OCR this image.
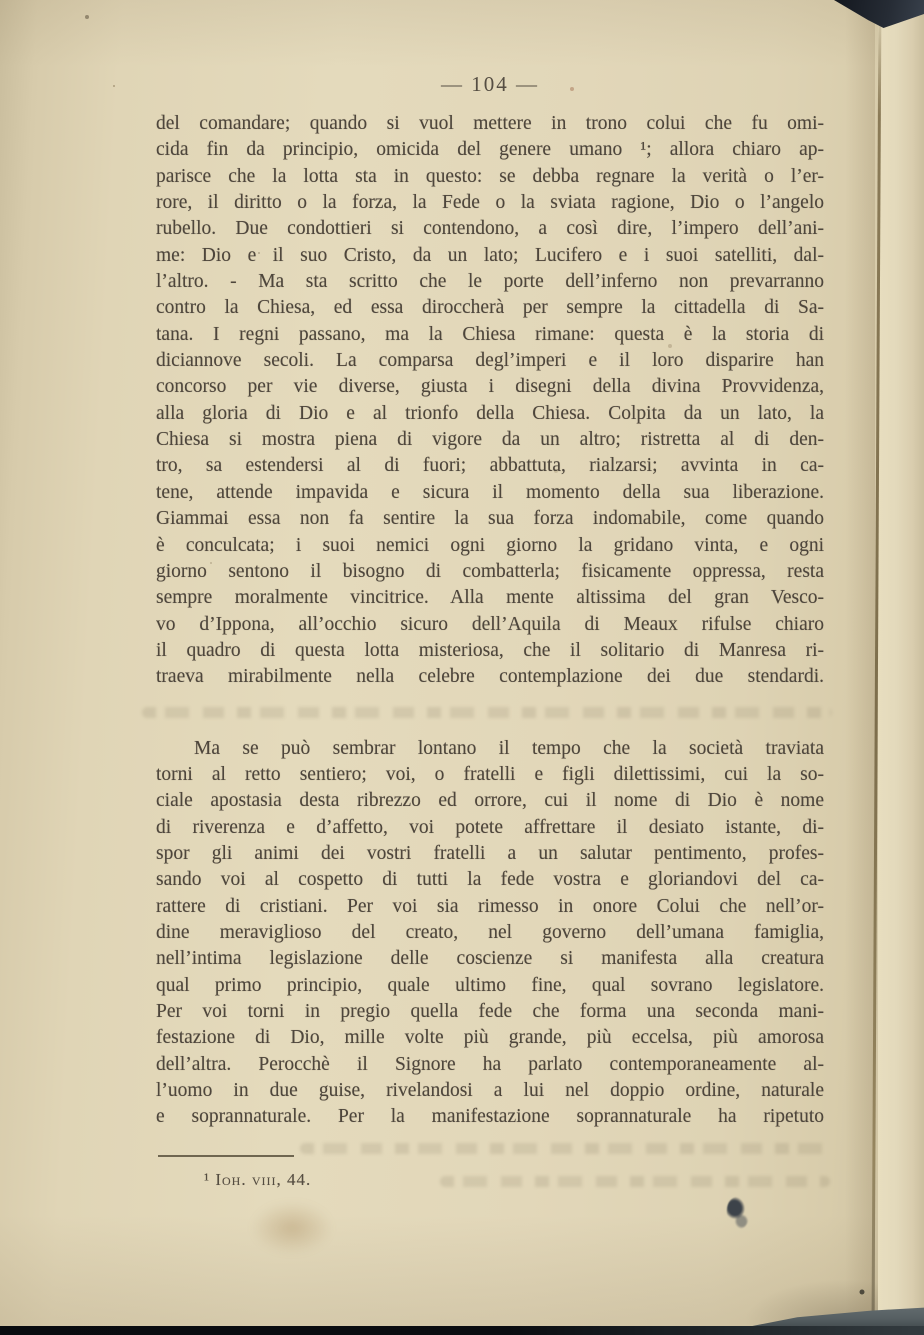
— 104 —
del comandare; quando si vuol mettere in trono colui che fu omi-
cida fin da principio, omicida del genere umano ¹; allora chiaro ap-
parisce che la lotta sta in questo: se debba regnare la verità o l’er-
rore, il diritto o la forza, la Fede o la sviata ragione, Dio o l’angelo
rubello. Due condottieri si contendono, a così dire, l’impero dell’ani-
me: Dio e il suo Cristo, da un lato; Lucifero e i suoi satelliti, dal-
l’altro. - Ma sta scritto che le porte dell’inferno non prevarranno
contro la Chiesa, ed essa diroccherà per sempre la cittadella di Sa-
tana. I regni passano, ma la Chiesa rimane: questa è la storia di
diciannove secoli. La comparsa degl’imperi e il loro disparire han
concorso per vie diverse, giusta i disegni della divina Provvidenza,
alla gloria di Dio e al trionfo della Chiesa. Colpita da un lato, la
Chiesa si mostra piena di vigore da un altro; ristretta al di den-
tro, sa estendersi al di fuori; abbattuta, rialzarsi; avvinta in ca-
tene, attende impavida e sicura il momento della sua liberazione.
Giammai essa non fa sentire la sua forza indomabile, come quando
è conculcata; i suoi nemici ogni giorno la gridano vinta, e ogni
giorno sentono il bisogno di combatterla; fisicamente oppressa, resta
sempre moralmente vincitrice. Alla mente altissima del gran Vesco-
vo d’Ippona, all’occhio sicuro dell’Aquila di Meaux rifulse chiaro
il quadro di questa lotta misteriosa, che il solitario di Manresa ri-
traeva mirabilmente nella celebre contemplazione dei due stendardi.
Ma se può sembrar lontano il tempo che la società traviata
torni al retto sentiero; voi, o fratelli e figli dilettissimi, cui la so-
ciale apostasia desta ribrezzo ed orrore, cui il nome di Dio è nome
di riverenza e d’affetto, voi potete affrettare il desiato istante, di-
spor gli animi dei vostri fratelli a un salutar pentimento, profes-
sando voi al cospetto di tutti la fede vostra e gloriandovi del ca-
rattere di cristiani. Per voi sia rimesso in onore Colui che nell’or-
dine meraviglioso del creato, nel governo dell’umana famiglia,
nell’intima legislazione delle coscienze si manifesta alla creatura
qual primo principio, quale ultimo fine, qual sovrano legislatore.
Per voi torni in pregio quella fede che forma una seconda mani-
festazione di Dio, mille volte più grande, più eccelsa, più amorosa
dell’altra. Perocchè il Signore ha parlato contemporaneamente al-
l’uomo in due guise, rivelandosi a lui nel doppio ordine, naturale
e soprannaturale. Per la manifestazione soprannaturale ha ripetuto
¹ Ioh. viii, 44.
